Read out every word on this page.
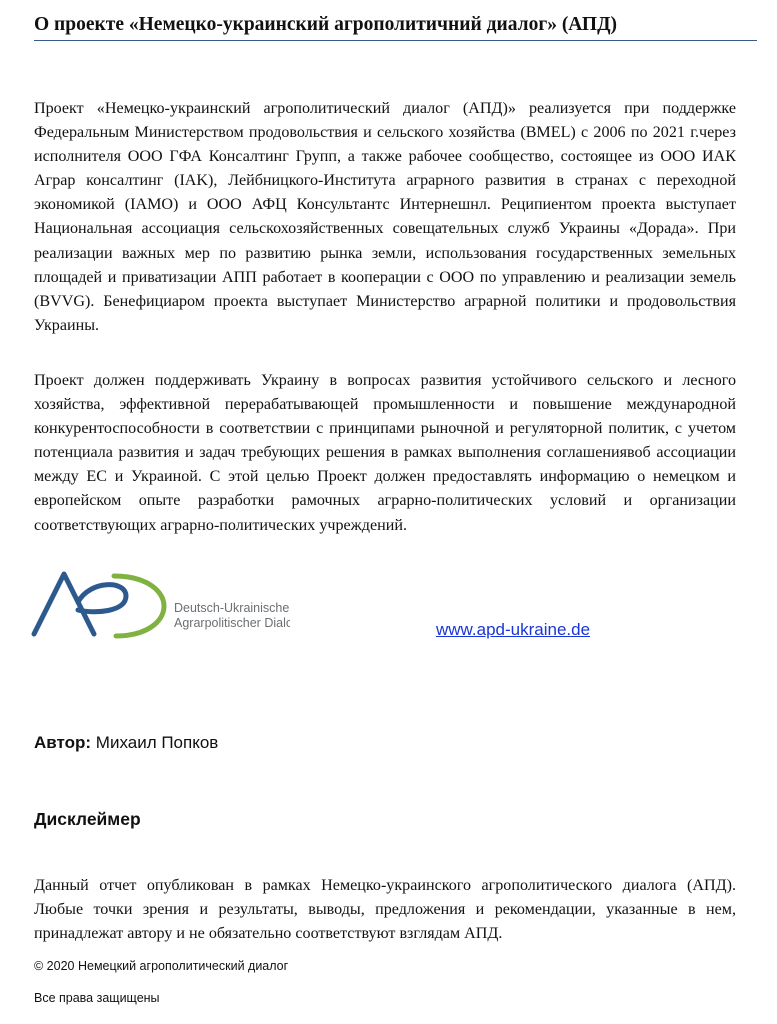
О проекте «Немецко-украинский агрополитичний диалог» (АПД)

Проект «Немецко-украинский агрополитический диалог (АПД)» реализуется при поддержке Федеральным Министерством продовольствия и сельского хозяйства (BMEL) с 2006 по 2021 г.через исполнителя ООО ГФА Консалтинг Групп, а также рабочее сообщество, состоящее из ООО ИАК Аграр консалтинг (IAK), Лейбницкого-Института аграрного развития в странах с переходной экономикой (IAMO) и ООО АФЦ Консультантс Интернешнл. Реципиентом проекта выступает Национальная ассоциация сельскохозяйственных совещательных служб Украины «Дорада». При реализации важных мер по развитию рынка земли, использования государственных земельных площадей и приватизации АПП работает в кооперации с ООО по управлению и реализации земель (BVVG). Бенефициаром проекта выступает Министерство аграрной политики и продовольствия Украины.

Проект должен поддерживать Украину в вопросах развития устойчивого сельского и лесного хозяйства, эффективной перерабатывающей промышленности и повышение международной конкурентоспособности в соответствии с принципами рыночной и регуляторной политик, с учетом потенциала развития и задач требующих решения в рамках выполнения соглашениявоб ассоциации между ЕС и Украиной. С этой целью Проект должен предоставлять информацию о немецком и европейском опыте разработки рамочных аграрно-политических условий и организации соответствующих аграрно-политических учреждений.

Deutsch-Ukrainischer
Agrarpolitischer Dialog	www.apd-ukraine.de
Автор: Михаил Попков
Дисклеймер

Данный отчет опубликован в рамках Немецко-украинского агрополитического диалога (АПД). Любые точки зрения и результаты, выводы, предложения и рекомендации, указанные в нем, принадлежат автору и не обязательно соответствуют взглядам АПД.

© 2020 Немецкий агрополитический диалог
Все права защищены
